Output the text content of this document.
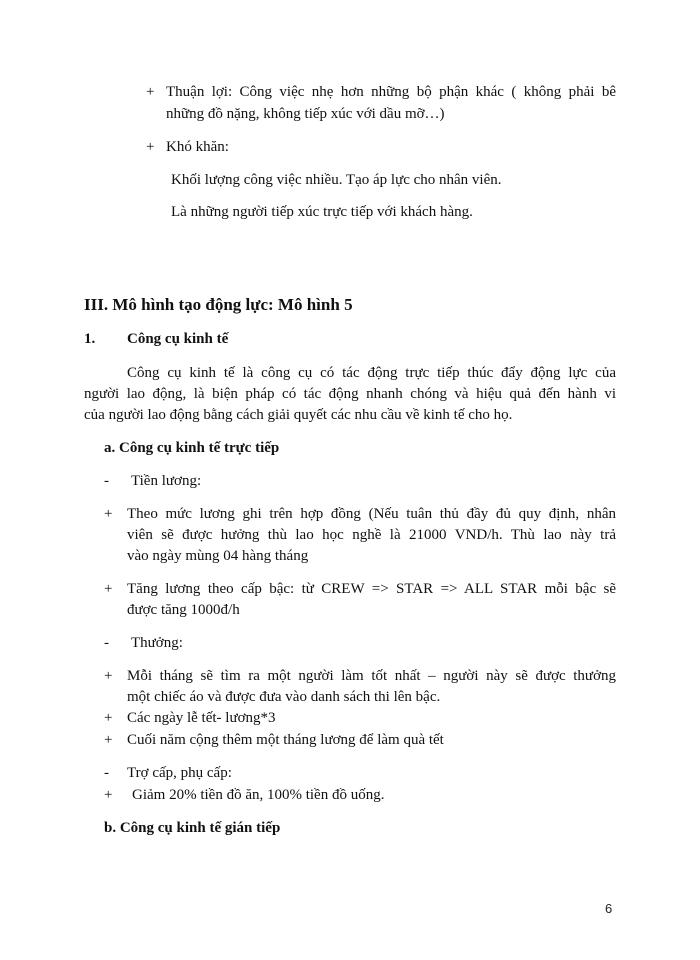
+ Thuận lợi: Công việc nhẹ hơn những bộ phận khác ( không phải bê
những đồ nặng, không tiếp xúc với dầu mỡ…)
+ Khó khăn:
Khối lượng công việc nhiều. Tạo áp lực cho nhân viên.
Là những người tiếp xúc trực tiếp với khách hàng.
III. Mô hình tạo động lực: Mô hình 5
1. Công cụ kinh tế
Công cụ kinh tế là công cụ có tác động trực tiếp thúc đẩy động lực của
người lao động, là biện pháp có tác động nhanh chóng và hiệu quả đến hành vi
của người lao động bằng cách giải quyết các nhu cầu về kinh tế cho họ.
a. Công cụ kinh tế trực tiếp
- Tiền lương:
+ Theo mức lương ghi trên hợp đồng (Nếu tuân thủ đầy đủ quy định, nhân
viên sẽ được hưởng thù lao học nghề là 21000 VND/h. Thù lao này trả
vào ngày mùng 04 hàng tháng
+ Tăng lương theo cấp bậc: từ CREW => STAR => ALL STAR mỗi bậc sẽ
được tăng 1000đ/h
- Thưởng:
+ Mỗi tháng sẽ tìm ra một người làm tốt nhất – người này sẽ được thưởng
một chiếc áo và được đưa vào danh sách thi lên bậc.
+ Các ngày lễ tết- lương*3
+ Cuối năm cộng thêm một tháng lương để làm quà tết
- Trợ cấp, phụ cấp:
+ Giảm 20% tiền đồ ăn, 100% tiền đồ uống.
b. Công cụ kinh tế gián tiếp
6
